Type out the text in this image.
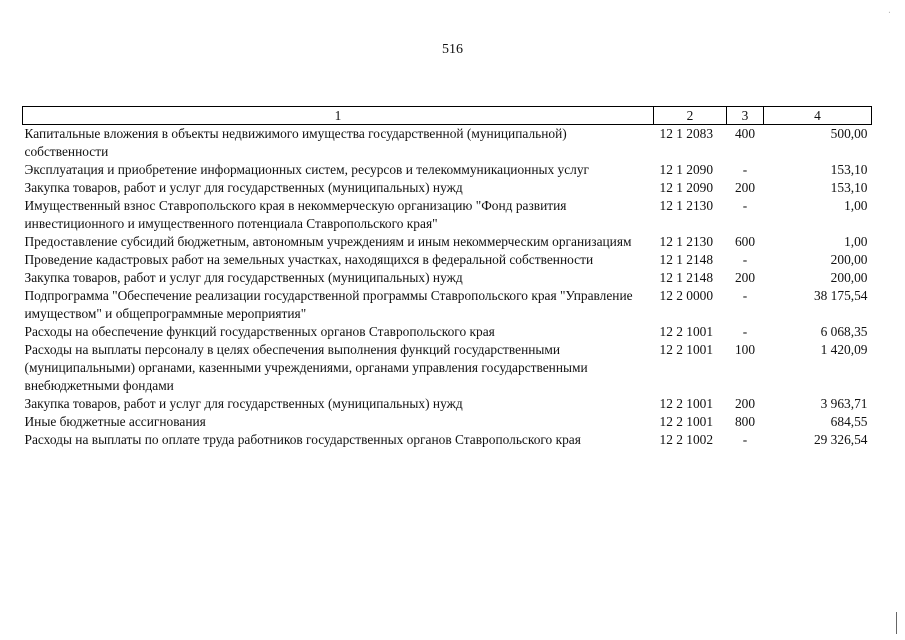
516
·
1	2	3	4
Капитальные вложения в объекты недвижимого имущества государственной (муниципальной) собственности	12 1 2083	400	500,00
Эксплуатация и приобретение информационных систем, ресурсов и телекоммуникационных услуг	12 1 2090	-	153,10
Закупка товаров, работ и услуг для государственных (муниципальных) нужд	12 1 2090	200	153,10
Имущественный взнос Ставропольского края в некоммерческую организацию "Фонд развития инвестиционного и имущественного потенциала Ставропольского края"	12 1 2130	-	1,00
Предоставление субсидий бюджетным, автономным учреждениям и иным некоммерческим организациям	12 1 2130	600	1,00
Проведение кадастровых работ на земельных участках, находящихся в федеральной собственности	12 1 2148	-	200,00
Закупка товаров, работ и услуг для государственных (муниципальных) нужд	12 1 2148	200	200,00
Подпрограмма "Обеспечение реализации государственной программы Ставропольского края "Управление имуществом" и общепрограммные мероприятия"	12 2 0000	-	38 175,54
Расходы на обеспечение функций государственных органов Ставропольского края	12 2 1001	-	6 068,35
Расходы на выплаты персоналу в целях обеспечения выполнения функций государственными (муниципальными) органами, казенными учреждениями, органами управления государственными внебюджетными фондами	12 2 1001	100	1 420,09
Закупка товаров, работ и услуг для государственных (муниципальных) нужд	12 2 1001	200	3 963,71
Иные бюджетные ассигнования	12 2 1001	800	684,55
Расходы на выплаты по оплате труда работников государственных органов Ставропольского края	12 2 1002	-	29 326,54
